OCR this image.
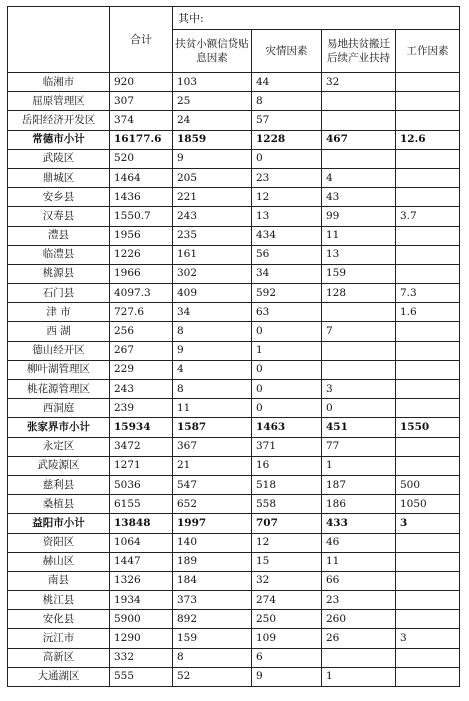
	合计	其中:			
		扶贫小额信贷贴息因素	灾情因素	易地扶贫搬迁后续产业扶持	工作因素
临湘市	920	103	44	32	
屈原管理区	307	25	8		
岳阳经济开发区	374	24	57		
常德市小计	16177.6	1859	1228	467	12.6
武陵区	520	9	0		
鼎城区	1464	205	23	4	
安乡县	1436	221	12	43	
汉寿县	1550.7	243	13	99	3.7
澧县	1956	235	434	11	
临澧县	1226	161	56	13	
桃源县	1966	302	34	159	
石门县	4097.3	409	592	128	7.3
津 市	727.6	34	63		1.6
西 湖	256	8	0	7	
德山经开区	267	9	1		
柳叶湖管理区	229	4	0		
桃花源管理区	243	8	0	3	
西洞庭	239	11	0	0	
张家界市小计	15934	1587	1463	451	1550
永定区	3472	367	371	77	
武陵源区	1271	21	16	1	
慈利县	5036	547	518	187	500
桑植县	6155	652	558	186	1050
益阳市小计	13848	1997	707	433	3
资阳区	1064	140	12	46	
赫山区	1447	189	15	11	
南县	1326	184	32	66	
桃江县	1934	373	274	23	
安化县	5900	892	250	260	
沅江市	1290	159	109	26	3
高新区	332	8	6		
大通湖区	555	52	9	1	
